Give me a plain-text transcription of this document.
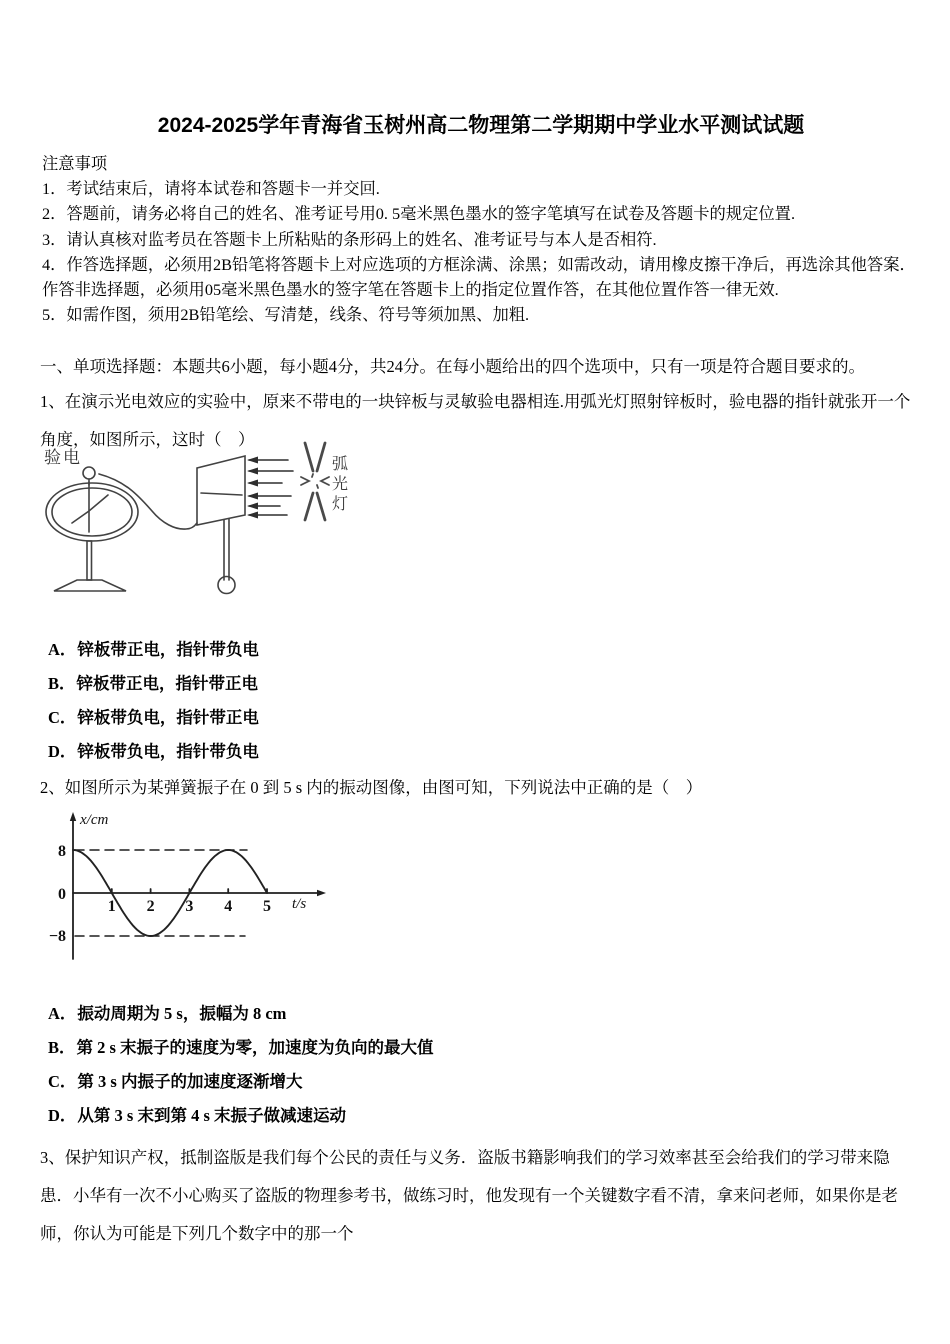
2024-2025学年青海省玉树州高二物理第二学期期中学业水平测试试题
注意事项

1．考试结束后，请将本试卷和答题卡一并交回.

2．答题前，请务必将自己的姓名、准考证号用0. 5毫米黑色墨水的签字笔填写在试卷及答题卡的规定位置.

3．请认真核对监考员在答题卡上所粘贴的条形码上的姓名、准考证号与本人是否相符.

4．作答选择题，必须用2B铅笔将答题卡上对应选项的方框涂满、涂黑；如需改动，请用橡皮擦干净后，再选涂其他答案．作答非选择题，必须用05毫米黑色墨水的签字笔在答题卡上的指定位置作答，在其他位置作答一律无效.

5．如需作图，须用2B铅笔绘、写清楚，线条、符号等须加黑、加粗.

一、单项选择题：本题共6小题，每小题4分，共24分。在每小题给出的四个选项中，只有一项是符合题目要求的。

1、在演示光电效应的实验中，原来不带电的一块锌板与灵敏验电器相连.用弧光灯照射锌板时，验电器的指针就张开一个角度，如图所示，这时（　）

验电	弧
光
灯
A．锌板带正电，指针带负电
B．锌板带正电，指针带正电
C．锌板带负电，指针带正电
D．锌板带负电，指针带负电

2、如图所示为某弹簧振子在 0 到 5 s 内的振动图像，由图可知，下列说法中正确的是（　）

x/cm
t/s
8
0
−8
1 2 3 4 5
A．振动周期为 5 s，振幅为 8 cm
B．第 2 s 末振子的速度为零，加速度为负向的最大值
C．第 3 s 内振子的加速度逐渐增大
D．从第 3 s 末到第 4 s 末振子做减速运动

3、保护知识产权，抵制盗版是我们每个公民的责任与义务．盗版书籍影响我们的学习效率甚至会给我们的学习带来隐患．小华有一次不小心购买了盗版的物理参考书，做练习时，他发现有一个关键数字看不清，拿来问老师，如果你是老师，你认为可能是下列几个数字中的那一个
